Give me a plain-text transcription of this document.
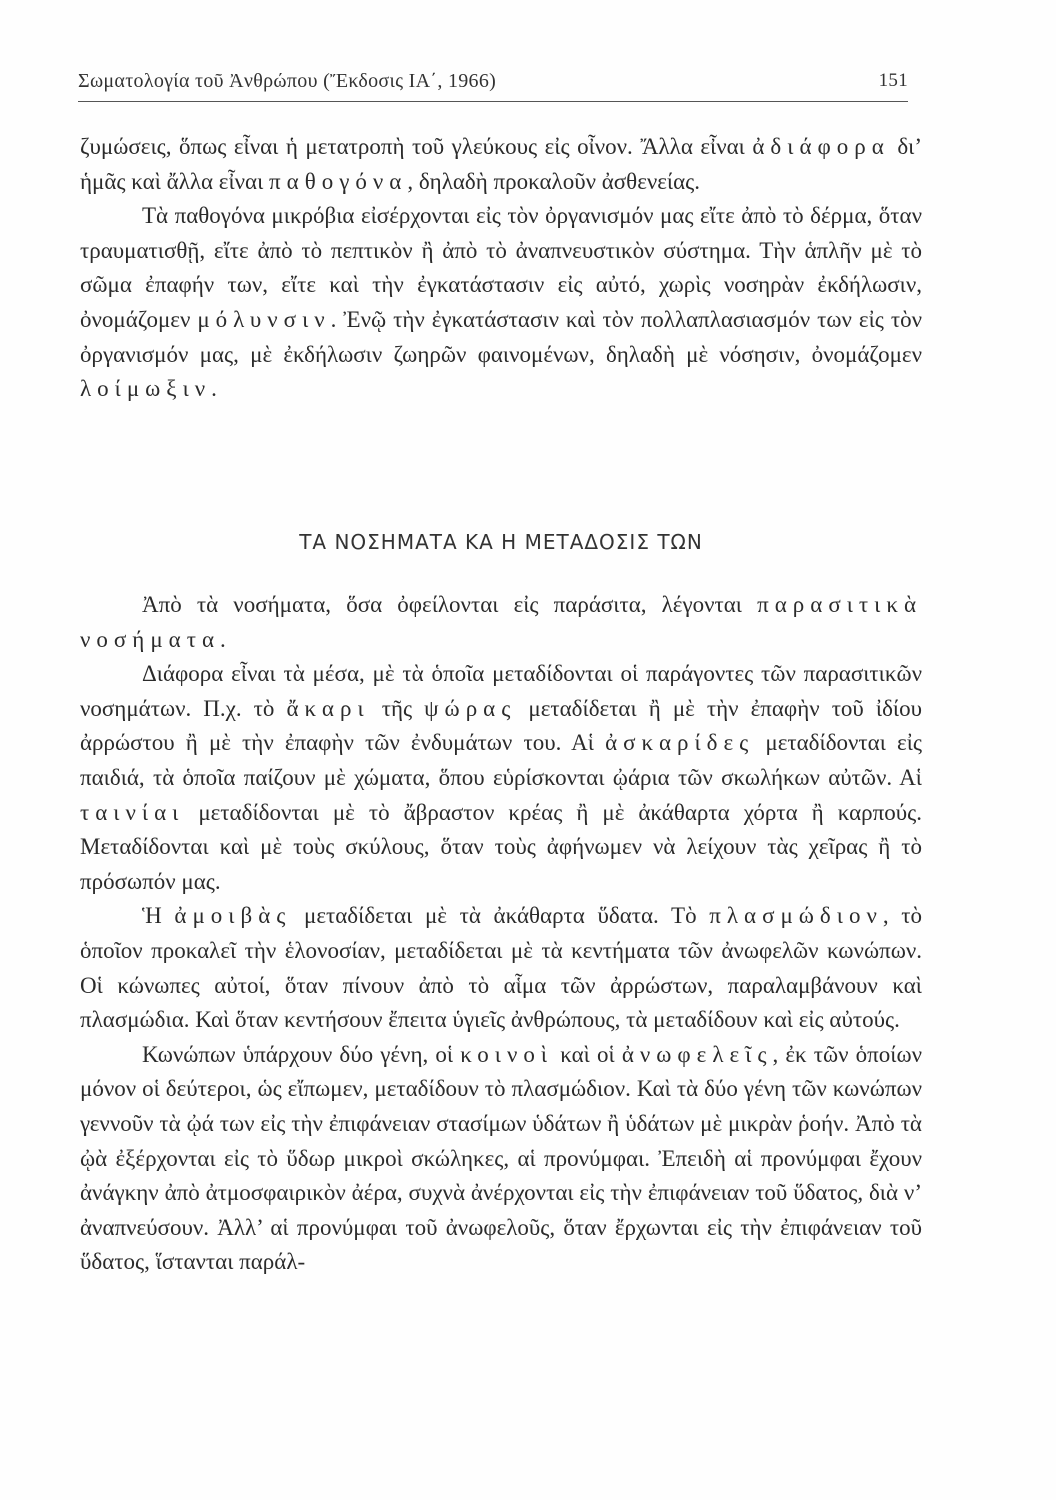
Σωματολογία τοῦ Ἀνθρώπου (Ἔκδοσις ΙΑ΄, 1966)	151

ζυμώσεις, ὅπως εἶναι ἡ μετατροπὴ τοῦ γλεύκους εἰς οἶνον. Ἄλλα εἶναι ἀδιάφορα δι’ ἡμᾶς καὶ ἄλλα εἶναι παθογόνα, δηλαδὴ προκαλοῦν ἀσθενείας.

Τὰ παθογόνα μικρόβια εἰσέρχονται εἰς τὸν ὀργανισμόν μας εἴτε ἀπὸ τὸ δέρμα, ὅταν τραυματισθῇ, εἴτε ἀπὸ τὸ πεπτικὸν ἢ ἀπὸ τὸ ἀναπνευστικὸν σύστημα. Τὴν ἁπλῆν μὲ τὸ σῶμα ἐπαφήν των, εἴτε καὶ τὴν ἐγκατάστασιν εἰς αὐτό, χωρὶς νοσηρὰν ἐκδήλωσιν, ὀνομάζομεν μόλυνσιν. Ἐνῷ τὴν ἐγκατάστασιν καὶ τὸν πολλαπλασιασμόν των εἰς τὸν ὀργανισμόν μας, μὲ ἐκδήλωσιν ζωηρῶν φαινομένων, δηλαδὴ μὲ νόσησιν, ὀνομάζομεν λοίμωξιν.

ΤΑ ΝΟΣΗΜΑΤΑ ΚΑ Η ΜΕΤΑΔΟΣΙΣ ΤΩΝ

Ἀπὸ τὰ νοσήματα, ὅσα ὀφείλονται εἰς παράσιτα, λέγονται παρασιτικὰ νοσήματα.

Διάφορα εἶναι τὰ μέσα, μὲ τὰ ὁποῖα μεταδίδονται οἱ παράγοντες τῶν παρασιτικῶν νοσημάτων. Π.χ. τὸ ἄκαρι τῆς ψώρας μεταδίδεται ἢ μὲ τὴν ἐπαφὴν τοῦ ἰδίου ἀρρώστου ἢ μὲ τὴν ἐπαφὴν τῶν ἐνδυμάτων του. Αἱ ἀσκαρίδες μεταδίδονται εἰς παιδιά, τὰ ὁποῖα παίζουν μὲ χώματα, ὅπου εὑρίσκονται ᾠάρια τῶν σκωλήκων αὐτῶν. Αἱ ταινίαι μεταδίδονται μὲ τὸ ἄβραστον κρέας ἢ μὲ ἀκάθαρτα χόρτα ἢ καρπούς. Μεταδίδονται καὶ μὲ τοὺς σκύλους, ὅταν τοὺς ἀφήνωμεν νὰ λείχουν τὰς χεῖρας ἢ τὸ πρόσωπόν μας.

Ἡ ἀμοιβὰς μεταδίδεται μὲ τὰ ἀκάθαρτα ὕδατα. Τὸ πλασμώδιον, τὸ ὁποῖον προκαλεῖ τὴν ἑλονοσίαν, μεταδίδεται μὲ τὰ κεντήματα τῶν ἀνωφελῶν κωνώπων. Οἱ κώνωπες αὐτοί, ὅταν πίνουν ἀπὸ τὸ αἷμα τῶν ἀρρώστων, παραλαμβάνουν καὶ πλασμώδια. Καὶ ὅταν κεντήσουν ἔπειτα ὑγιεῖς ἀνθρώπους, τὰ μεταδίδουν καὶ εἰς αὐτούς.

Κωνώπων ὑπάρχουν δύο γένη, οἱ κοινοὶ καὶ οἱ ἀνωφελεῖς, ἐκ τῶν ὁποίων μόνον οἱ δεύτεροι, ὡς εἴπωμεν, μεταδίδουν τὸ πλασμώδιον. Καὶ τὰ δύο γένη τῶν κωνώπων γεννοῦν τὰ ᾠά των εἰς τὴν ἐπιφάνειαν στασίμων ὑδάτων ἢ ὑδάτων μὲ μικρὰν ῥοήν. Ἀπὸ τὰ ᾠὰ ἐξέρχονται εἰς τὸ ὕδωρ μικροὶ σκώληκες, αἱ προνύμφαι. Ἐπειδὴ αἱ προνύμφαι ἔχουν ἀνάγκην ἀπὸ ἀτμοσφαιρικὸν ἀέρα, συχνὰ ἀνέρχονται εἰς τὴν ἐπιφάνειαν τοῦ ὕδατος, διὰ ν’ ἀναπνεύσουν. Ἀλλ’ αἱ προνύμφαι τοῦ ἀνωφελοῦς, ὅταν ἔρχωνται εἰς τὴν ἐπιφάνειαν τοῦ ὕδατος, ἵστανται παράλ-
